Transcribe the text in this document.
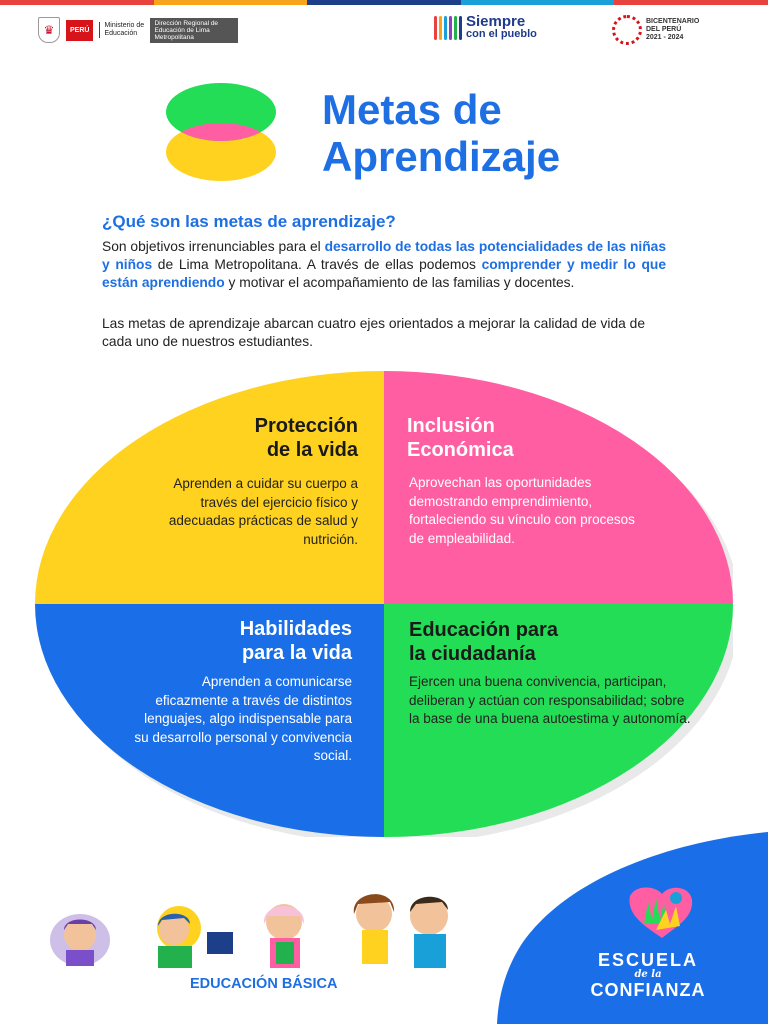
♛	PERÚ
Ministerio de Educación
Dirección Regional de Educación de Lima Metropolitana
Siempre
con el pueblo
BICENTENARIO
DEL PERÚ
2021 - 2024
Metas de
Aprendizaje
¿Qué son las metas de aprendizaje?
Son objetivos irrenunciables para el desarrollo de todas las potencialidades de las niñas y niños de Lima Metropolitana. A través de ellas podemos comprender y medir lo que están aprendiendo y motivar el acompañamiento de las familias y docentes.
Las metas de aprendizaje abarcan cuatro ejes orientados a mejorar la calidad de vida de cada uno de nuestros estudiantes.
Protección
de la vida
Aprenden a cuidar su cuerpo a través del ejercicio físico y adecuadas prácticas de salud y nutrición.
Inclusión
Económica
Aprovechan las oportunidades demostrando emprendimiento, fortaleciendo su vínculo con procesos de empleabilidad.
Habilidades
para la vida
Aprenden a comunicarse eficazmente a través de distintos lenguajes, algo indispensable para su desarrollo personal y convivencia social.
Educación para
la ciudadanía
Ejercen una buena convivencia, participan, deliberan y actúan con responsabilidad; sobre la base de una buena autoestima y autonomía.
ESCUELA
de la
CONFIANZA
EDUCACIÓN BÁSICA
